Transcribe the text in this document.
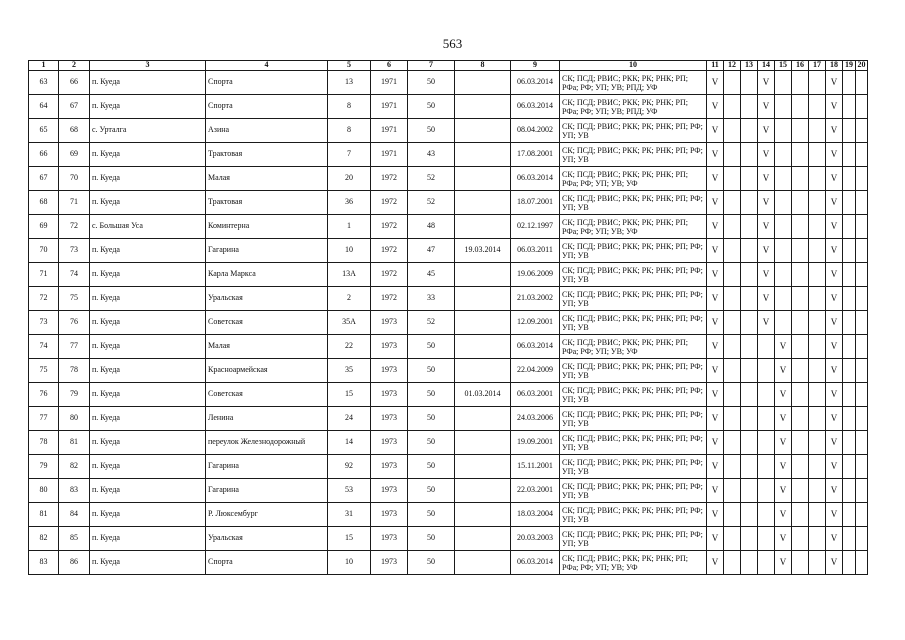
563
1	2	3	4	5	6	7	8	9	10	11	12	13	14	15	16	17	18	19	20
63	66	п. Куеда	Спорта	13	1971	50		06.03.2014	СК; ПСД; РВИС; РКК; РК; РНК; РП; РФа; РФ; УП; УВ; РПД; УФ	V			V				V		
64	67	п. Куеда	Спорта	8	1971	50		06.03.2014	СК; ПСД; РВИС; РКК; РК; РНК; РП; РФа; РФ; УП; УВ; РПД; УФ	V			V				V		
65	68	с. Урталга	Азина	8	1971	50		08.04.2002	СК; ПСД; РВИС; РКК; РК; РНК; РП; РФ; УП; УВ	V			V				V		
66	69	п. Куеда	Трактовая	7	1971	43		17.08.2001	СК; ПСД; РВИС; РКК; РК; РНК; РП; РФ; УП; УВ	V			V				V		
67	70	п. Куеда	Малая	20	1972	52		06.03.2014	СК; ПСД; РВИС; РКК; РК; РНК; РП; РФа; РФ; УП; УВ; УФ	V			V				V		
68	71	п. Куеда	Трактовая	36	1972	52		18.07.2001	СК; ПСД; РВИС; РКК; РК; РНК; РП; РФ; УП; УВ	V			V				V		
69	72	с. Большая Уса	Коминтерна	1	1972	48		02.12.1997	СК; ПСД; РВИС; РКК; РК; РНК; РП; РФа; РФ; УП; УВ; УФ	V			V				V		
70	73	п. Куеда	Гагарина	10	1972	47	19.03.2014	06.03.2011	СК; ПСД; РВИС; РКК; РК; РНК; РП; РФ; УП; УВ	V			V				V		
71	74	п. Куеда	Карла Маркса	13А	1972	45		19.06.2009	СК; ПСД; РВИС; РКК; РК; РНК; РП; РФ; УП; УВ	V			V				V		
72	75	п. Куеда	Уральская	2	1972	33		21.03.2002	СК; ПСД; РВИС; РКК; РК; РНК; РП; РФ; УП; УВ	V			V				V		
73	76	п. Куеда	Советская	35А	1973	52		12.09.2001	СК; ПСД; РВИС; РКК; РК; РНК; РП; РФ; УП; УВ	V			V				V		
74	77	п. Куеда	Малая	22	1973	50		06.03.2014	СК; ПСД; РВИС; РКК; РК; РНК; РП; РФа; РФ; УП; УВ; УФ	V				V			V		
75	78	п. Куеда	Красноармейская	35	1973	50		22.04.2009	СК; ПСД; РВИС; РКК; РК; РНК; РП; РФ; УП; УВ	V				V			V		
76	79	п. Куеда	Советская	15	1973	50	01.03.2014	06.03.2001	СК; ПСД; РВИС; РКК; РК; РНК; РП; РФ; УП; УВ	V				V			V		
77	80	п. Куеда	Ленина	24	1973	50		24.03.2006	СК; ПСД; РВИС; РКК; РК; РНК; РП; РФ; УП; УВ	V				V			V		
78	81	п. Куеда	переулок Железнодорожный	14	1973	50		19.09.2001	СК; ПСД; РВИС; РКК; РК; РНК; РП; РФ; УП; УВ	V				V			V		
79	82	п. Куеда	Гагарина	92	1973	50		15.11.2001	СК; ПСД; РВИС; РКК; РК; РНК; РП; РФ; УП; УВ	V				V			V		
80	83	п. Куеда	Гагарина	53	1973	50		22.03.2001	СК; ПСД; РВИС; РКК; РК; РНК; РП; РФ; УП; УВ	V				V			V		
81	84	п. Куеда	Р. Люксембург	31	1973	50		18.03.2004	СК; ПСД; РВИС; РКК; РК; РНК; РП; РФ; УП; УВ	V				V			V		
82	85	п. Куеда	Уральская	15	1973	50		20.03.2003	СК; ПСД; РВИС; РКК; РК; РНК; РП; РФ; УП; УВ	V				V			V		
83	86	п. Куеда	Спорта	10	1973	50		06.03.2014	СК; ПСД; РВИС; РКК; РК; РНК; РП; РФа; РФ; УП; УВ; УФ	V				V			V		
